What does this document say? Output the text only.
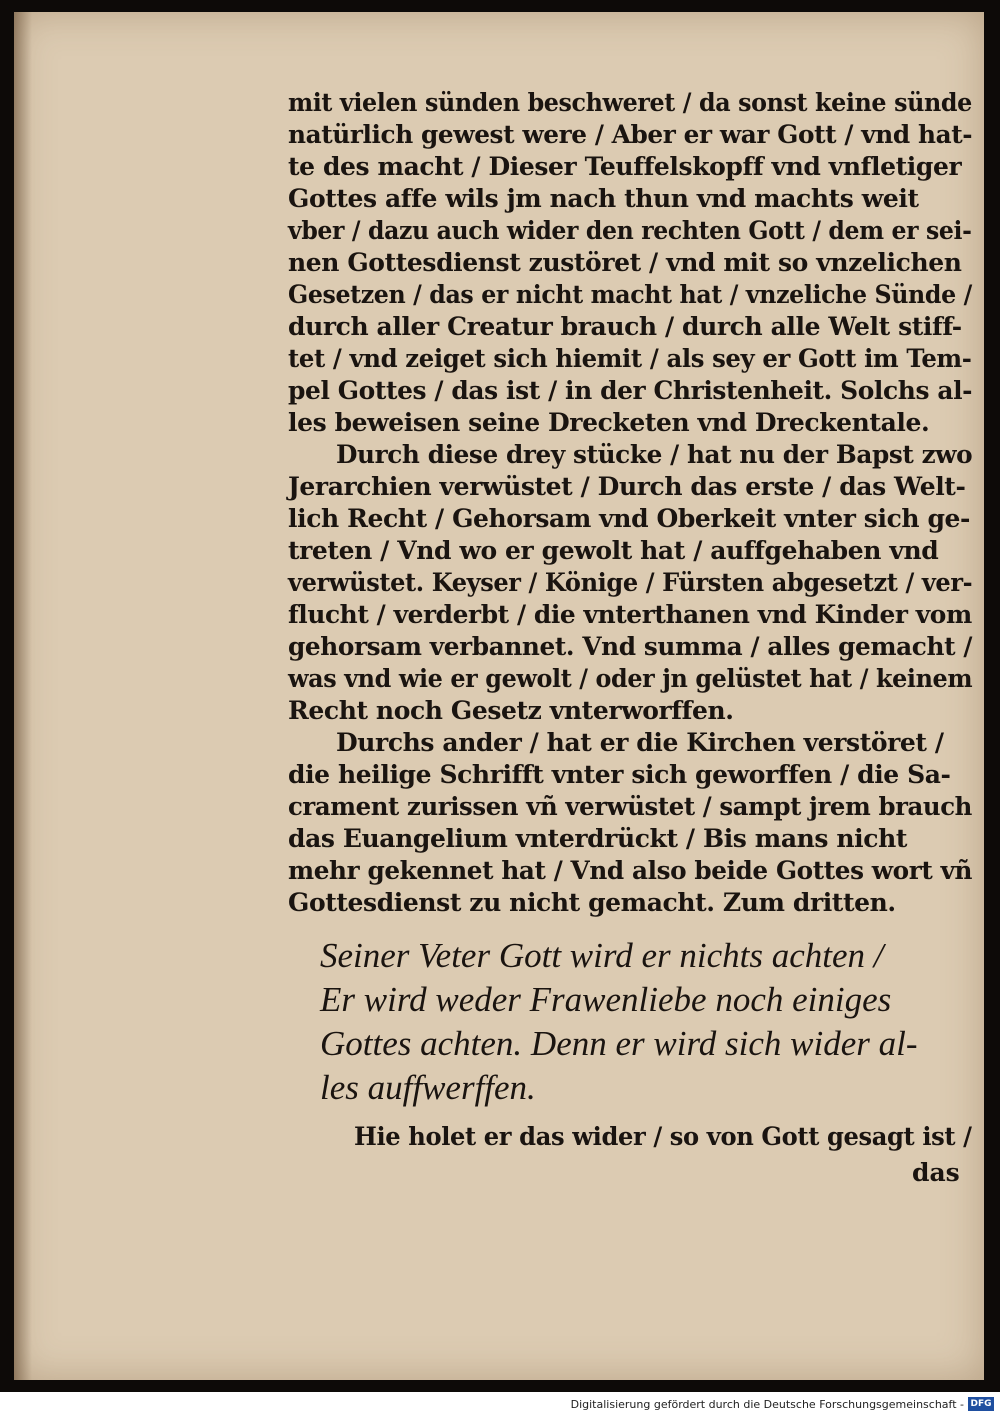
mit vielen sünden beschweret / da sonst keine sünde

natürlich gewest were / Aber er war Gott / vnd hat-

te des macht / Dieser Teuffelskopff vnd vnfletiger

Gottes affe wils jm nach thun vnd machts weit

vber / dazu auch wider den rechten Gott / dem er sei-

nen Gottesdienst zustöret / vnd mit so vnzelichen

Gesetzen / das er nicht macht hat / vnzeliche Sünde /

durch aller Creatur brauch / durch alle Welt stiff-

tet / vnd zeiget sich hiemit / als sey er Gott im Tem-

pel Gottes / das ist / in der Christenheit. Solchs al-

les beweisen seine Drecketen vnd Dreckentale.

Durch diese drey stücke / hat nu der Bapst zwo

Jerarchien verwüstet / Durch das erste / das Welt-

lich Recht / Gehorsam vnd Oberkeit vnter sich ge-

treten / Vnd wo er gewolt hat / auffgehaben vnd

verwüstet. Keyser / Könige / Fürsten abgesetzt / ver-

flucht / verderbt / die vnterthanen vnd Kinder vom

gehorsam verbannet. Vnd summa / alles gemacht /

was vnd wie er gewolt / oder jn gelüstet hat / keinem

Recht noch Gesetz vnterworffen.

Durchs ander / hat er die Kirchen verstöret /

die heilige Schrifft vnter sich geworffen / die Sa-

crament zurissen vñ verwüstet / sampt jrem brauch

das Euangelium vnterdrückt / Bis mans nicht

mehr gekennet hat / Vnd also beide Gottes wort vñ

Gottesdienst zu nicht gemacht. Zum dritten.

Seiner Veter Gott wird er nichts achten /

Er wird weder Frawenliebe noch einiges

Gottes achten. Denn er wird sich wider al-

les auffwerffen.

Hie holet er das wider / so von Gott gesagt ist /

das
Digitalisierung gefördert durch die Deutsche Forschungsgemeinschaft - DFG
